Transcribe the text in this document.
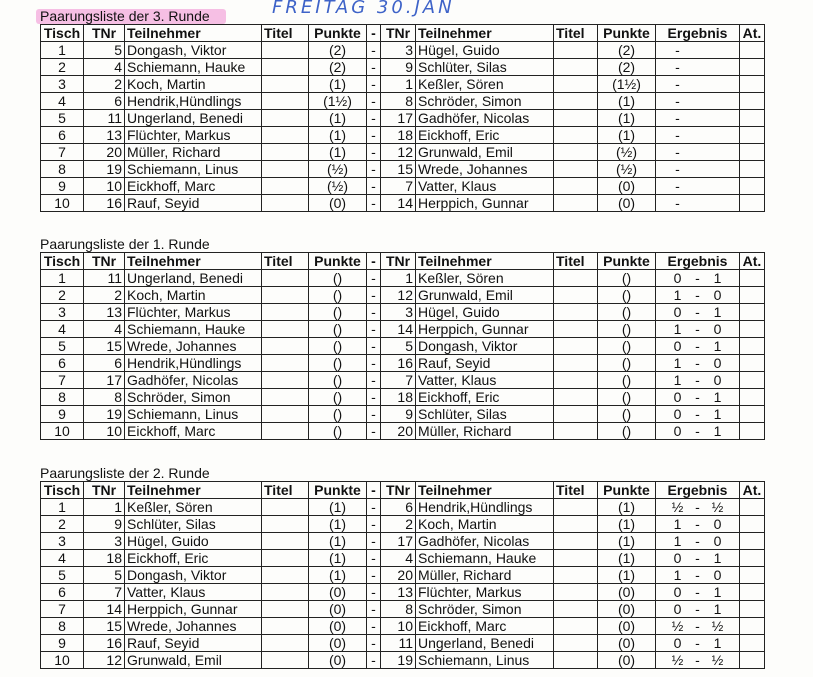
Paarungsliste der 3. Runde	FREITAG 30.JAN
Tisch	TNr	Teilnehmer	Titel	Punkte	-	TNr	Teilnehmer	Titel	Punkte	Ergebnis	At.
1	5	Dongash, Viktor		(2)	-	3	Hügel, Guido		(2)	-	
2	4	Schiemann, Hauke		(2)	-	9	Schlüter, Silas		(2)	-	
3	2	Koch, Martin		(1)	-	1	Keßler, Sören		(1½)	-	
4	6	Hendrik,Hündlings		(1½)	-	8	Schröder, Simon		(1)	-	
5	11	Ungerland, Benedi		(1)	-	17	Gadhöfer, Nicolas		(1)	-	
6	13	Flüchter, Markus		(1)	-	18	Eickhoff, Eric		(1)	-	
7	20	Müller, Richard		(1)	-	12	Grunwald, Emil		(½)	-	
8	19	Schiemann, Linus		(½)	-	15	Wrede, Johannes		(½)	-	
9	10	Eickhoff, Marc		(½)	-	7	Vatter, Klaus		(0)	-	
10	16	Rauf, Seyid		(0)	-	14	Herppich, Gunnar		(0)	-	
Paarungsliste der 1. Runde
Tisch	TNr	Teilnehmer	Titel	Punkte	-	TNr	Teilnehmer	Titel	Punkte	Ergebnis	At.
1	11	Ungerland, Benedi		()	-	1	Keßler, Sören		()	0 - 1	
2	2	Koch, Martin		()	-	12	Grunwald, Emil		()	1 - 0	
3	13	Flüchter, Markus		()	-	3	Hügel, Guido		()	0 - 1	
4	4	Schiemann, Hauke		()	-	14	Herppich, Gunnar		()	1 - 0	
5	15	Wrede, Johannes		()	-	5	Dongash, Viktor		()	0 - 1	
6	6	Hendrik,Hündlings		()	-	16	Rauf, Seyid		()	1 - 0	
7	17	Gadhöfer, Nicolas		()	-	7	Vatter, Klaus		()	1 - 0	
8	8	Schröder, Simon		()	-	18	Eickhoff, Eric		()	0 - 1	
9	19	Schiemann, Linus		()	-	9	Schlüter, Silas		()	0 - 1	
10	10	Eickhoff, Marc		()	-	20	Müller, Richard		()	0 - 1	
Paarungsliste der 2. Runde
Tisch	TNr	Teilnehmer	Titel	Punkte	-	TNr	Teilnehmer	Titel	Punkte	Ergebnis	At.
1	1	Keßler, Sören		(1)	-	6	Hendrik,Hündlings		(1)	½ - ½	
2	9	Schlüter, Silas		(1)	-	2	Koch, Martin		(1)	1 - 0	
3	3	Hügel, Guido		(1)	-	17	Gadhöfer, Nicolas		(1)	1 - 0	
4	18	Eickhoff, Eric		(1)	-	4	Schiemann, Hauke		(1)	0 - 1	
5	5	Dongash, Viktor		(1)	-	20	Müller, Richard		(1)	1 - 0	
6	7	Vatter, Klaus		(0)	-	13	Flüchter, Markus		(0)	0 - 1	
7	14	Herppich, Gunnar		(0)	-	8	Schröder, Simon		(0)	0 - 1	
8	15	Wrede, Johannes		(0)	-	10	Eickhoff, Marc		(0)	½ - ½	
9	16	Rauf, Seyid		(0)	-	11	Ungerland, Benedi		(0)	0 - 1	
10	12	Grunwald, Emil		(0)	-	19	Schiemann, Linus		(0)	½ - ½	
